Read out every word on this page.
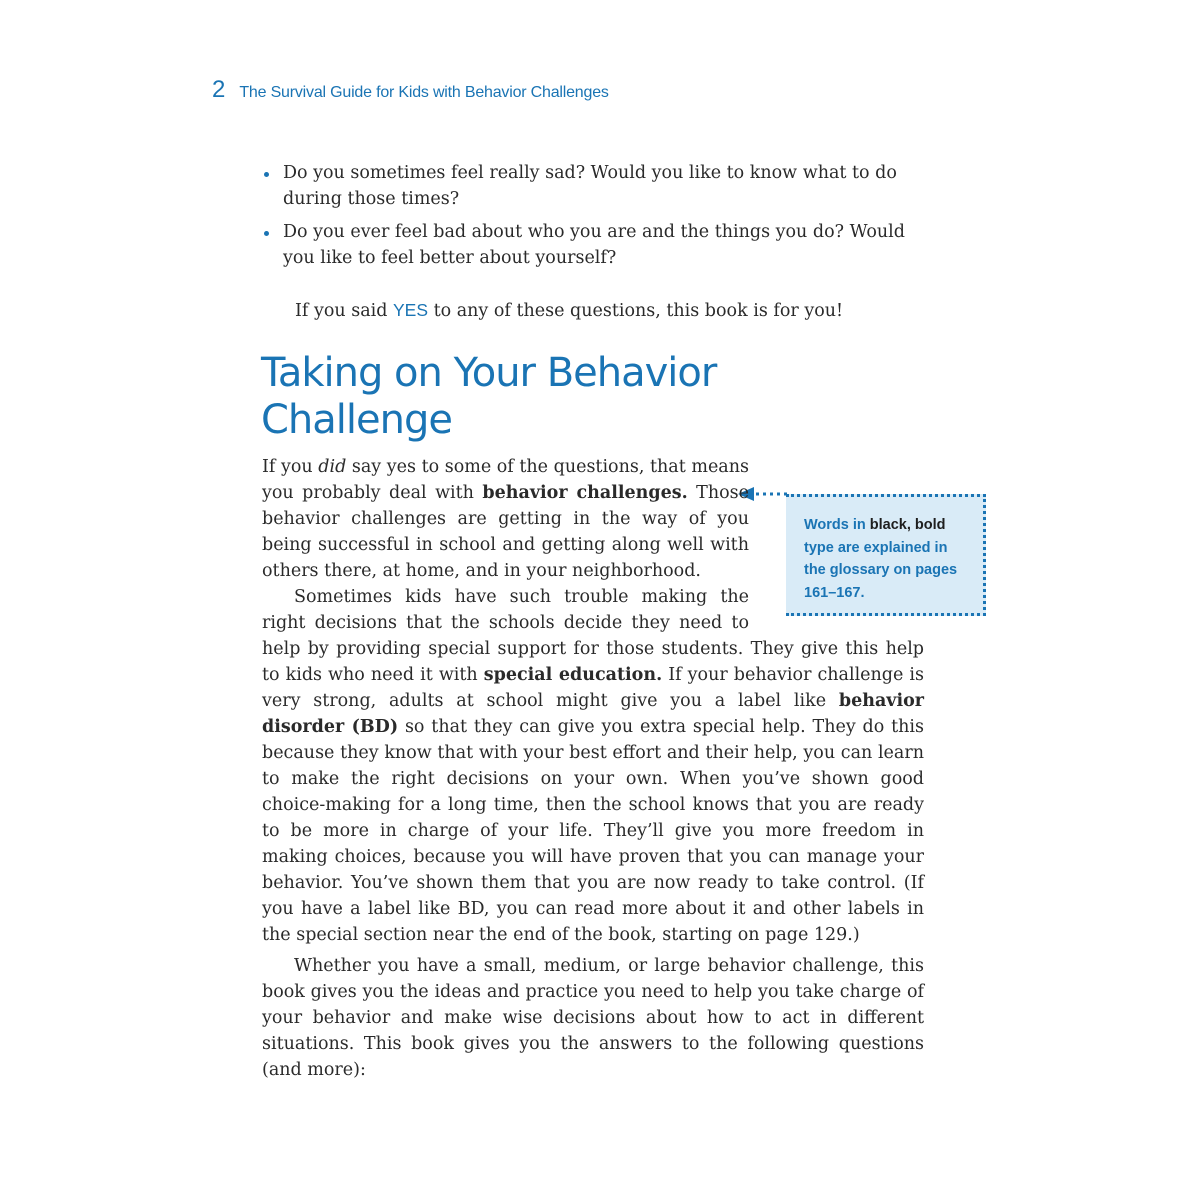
2 The Survival Guide for Kids with Behavior Challenges
Do you sometimes feel really sad? Would you like to know what to do during those times?
Do you ever feel bad about who you are and the things you do? Would you like to feel better about yourself?
If you said YES to any of these questions, this book is for you!
Taking on Your Behavior Challenge
Words in black, bold type are explained in the glossary on pages 161–167.

If you did say yes to some of the questions, that means you probably deal with behavior challenges. Those behavior challenges are getting in the way of you being successful in school and getting along well with others there, at home, and in your neighborhood.

Sometimes kids have such trouble making the right decisions that the schools decide they need to help by providing special support for those students. They give this help to kids who need it with special education. If your behavior challenge is very strong, adults at school might give you a label like behavior disorder (BD) so that they can give you extra special help. They do this because they know that with your best effort and their help, you can learn to make the right decisions on your own. When you’ve shown good choice-making for a long time, then the school knows that you are ready to be more in charge of your life. They’ll give you more freedom in making choices, because you will have proven that you can manage your behavior. You’ve shown them that you are now ready to take control. (If you have a label like BD, you can read more about it and other labels in the special section near the end of the book, starting on page 129.)

Whether you have a small, medium, or large behavior challenge, this book gives you the ideas and practice you need to help you take charge of your behavior and make wise decisions about how to act in different situations. This book gives you the answers to the following questions (and more):
